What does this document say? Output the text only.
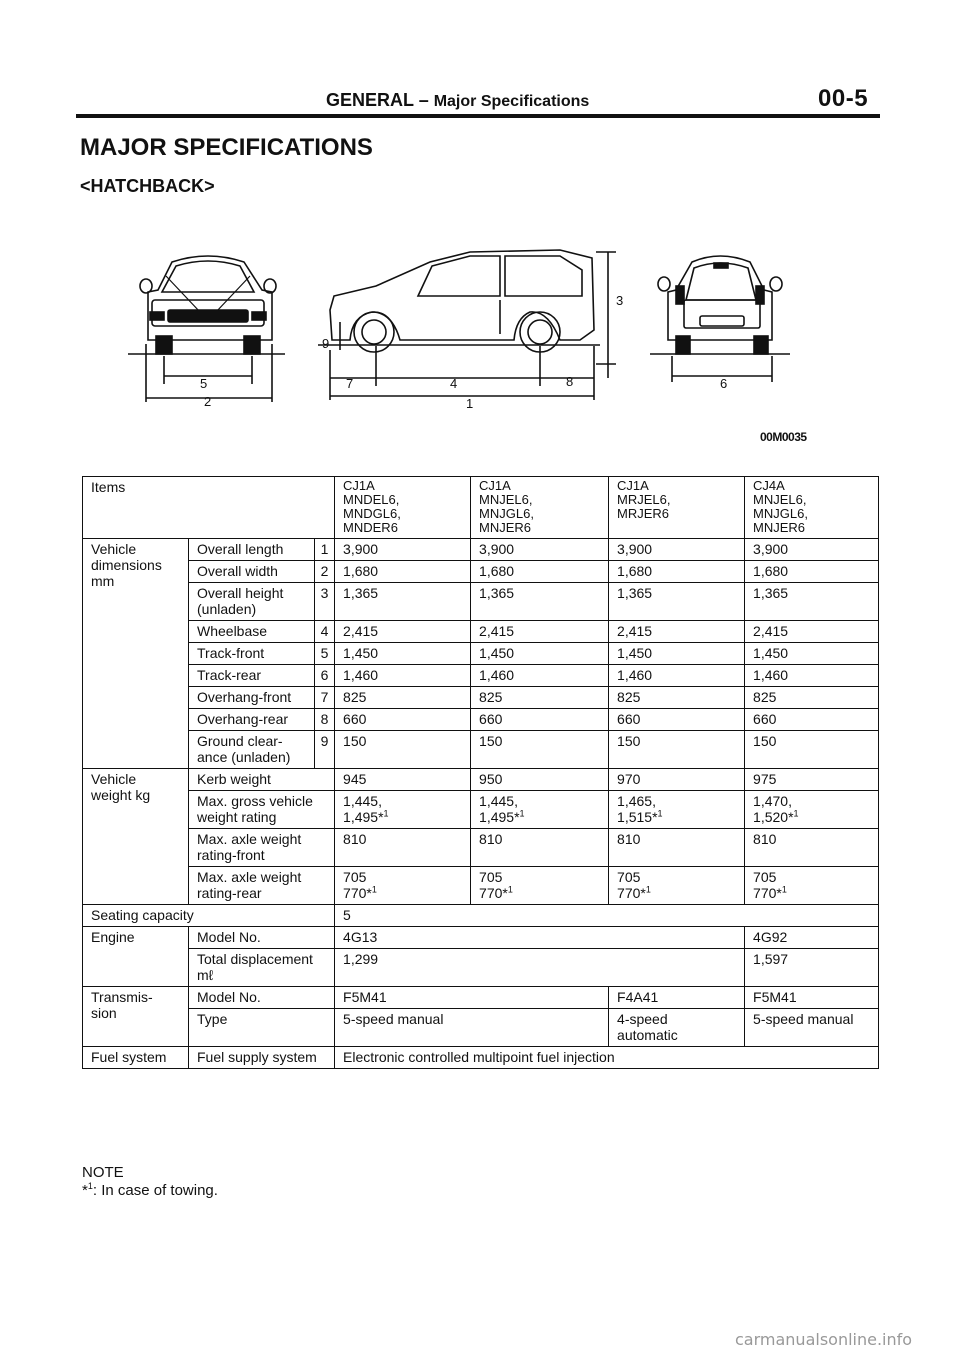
GENERAL – Major Specifications	00-5
MAJOR SPECIFICATIONS
<HATCHBACK>
5
2
7	4	8
1
3
6
9
00M0035
Items			CJ1A
MNDEL6,
MNDGL6,
MNDER6	CJ1A
MNJEL6,
MNJGL6,
MNJER6	CJ1A
MRJEL6,
MRJER6	CJ4A
MNJEL6,
MNJGL6,
MNJER6
Vehicle
dimensions
mm	Overall length	1	3,900	3,900	3,900	3,900
	Overall width	2	1,680	1,680	1,680	1,680
	Overall height
(unladen)	3	1,365	1,365	1,365	1,365
	Wheelbase	4	2,415	2,415	2,415	2,415
	Track-front	5	1,450	1,450	1,450	1,450
	Track-rear	6	1,460	1,460	1,460	1,460
	Overhang-front	7	825	825	825	825
	Overhang-rear	8	660	660	660	660
	Ground clear-
ance (unladen)	9	150	150	150	150
Vehicle
weight kg	Kerb weight		945	950	970	975
	Max. gross vehicle
weight rating		1,445,
1,495*$^1$	1,445,
1,495*$^1$	1,465,
1,515*$^1$	1,470,
1,520*$^1$
	Max. axle weight
rating-front		810	810	810	810
	Max. axle weight
rating-rear		705
770*$^1$	705
770*$^1$	705
770*$^1$	705
770*$^1$
Seating capacity			5			
Engine	Model No.		4G13			4G92
	Total displacement
mℓ		1,299			1,597
Transmis-
sion	Model No.		F5M41		F4A41	F5M41
	Type		5-speed manual		4-speed
automatic	5-speed manual
Fuel system	Fuel supply system		Electronic controlled multipoint fuel injection			
NOTE
*$^1$: In case of towing.
carmanualsonline.info
